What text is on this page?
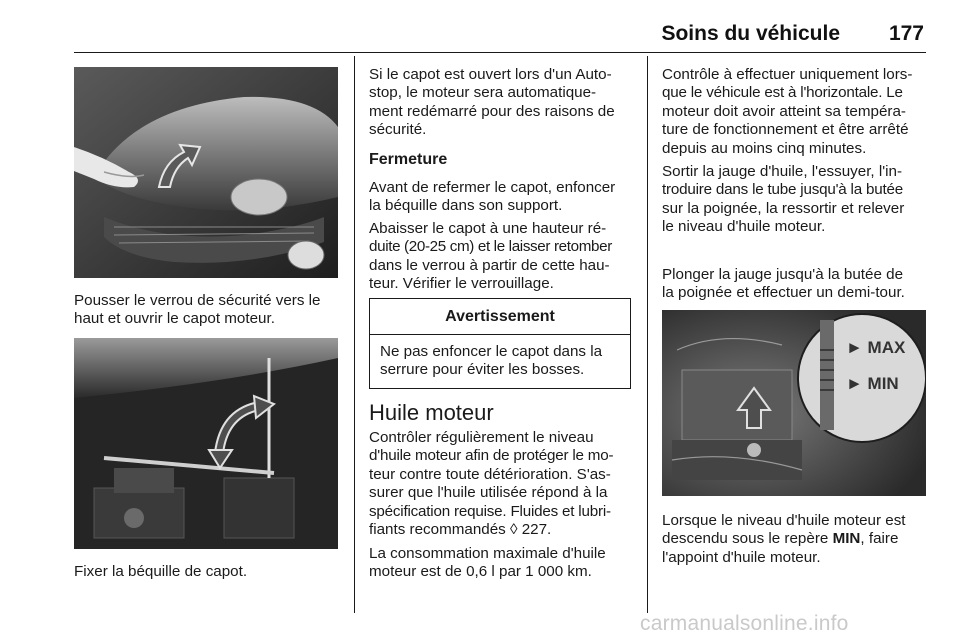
Soins du véhicule	177

Pousser le verrou de sécurité vers le

haut et ouvrir le capot moteur.

Fixer la béquille de capot.

Si le capot est ouvert lors d'un Auto-

stop, le moteur sera automatique-

ment redémarré pour des raisons de

sécurité.

Fermeture

Avant de refermer le capot, enfoncer

la béquille dans son support.

Abaisser le capot à une hauteur ré-

duite (20-25 cm) et le laisser retomber

dans le verrou à partir de cette hau-

teur. Vérifier le verrouillage.

Avertissement

Ne pas enfoncer le capot dans la

serrure pour éviter les bosses.

Huile moteur

Contrôler régulièrement le niveau

d'huile moteur afin de protéger le mo-

teur contre toute détérioration. S'as-

surer que l'huile utilisée répond à la

spécification requise. Fluides et lubri-

fiants recommandés ◊ 227.

La consommation maximale d'huile

moteur est de 0,6 l par 1 000 km.

Contrôle à effectuer uniquement lors-

que le véhicule est à l'horizontale. Le

moteur doit avoir atteint sa tempéra-

ture de fonctionnement et être arrêté

depuis au moins cinq minutes.

Sortir la jauge d'huile, l'essuyer, l'in-

troduire dans le tube jusqu'à la butée

sur la poignée, la ressortir et relever

le niveau d'huile moteur.

Plonger la jauge jusqu'à la butée de

la poignée et effectuer un demi-tour.

► MAX
► MIN

Lorsque le niveau d'huile moteur est

descendu sous le repère MIN, faire

l'appoint d'huile moteur.

carmanualsonline.info
